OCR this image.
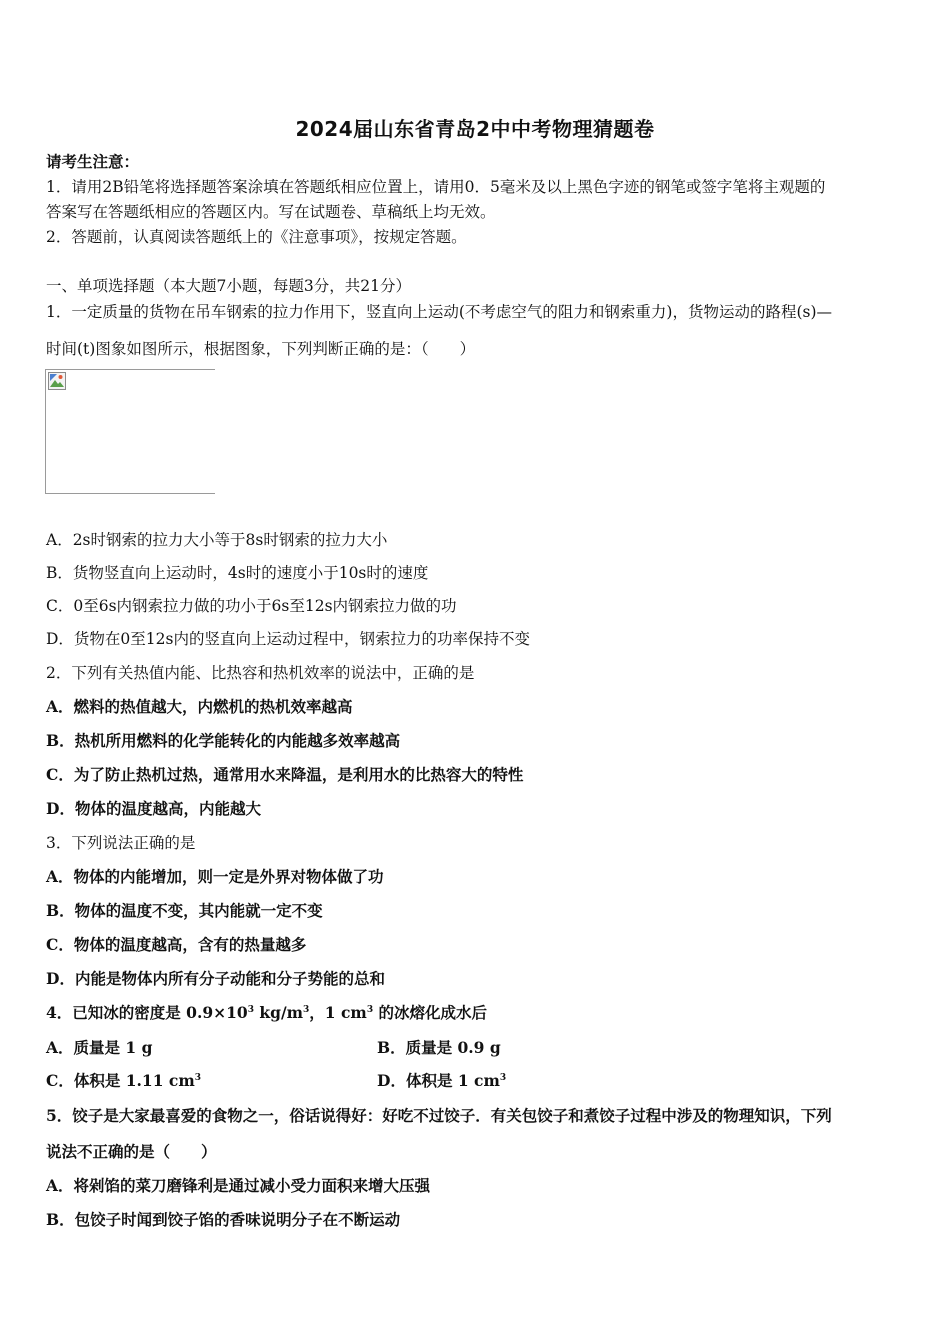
2024届山东省青岛2中中考物理猜题卷
请考生注意：
1．请用2B铅笔将选择题答案涂填在答题纸相应位置上，请用0．5毫米及以上黑色字迹的钢笔或签字笔将主观题的
答案写在答题纸相应的答题区内。写在试题卷、草稿纸上均无效。
2．答题前，认真阅读答题纸上的《注意事项》，按规定答题。
一、单项选择题（本大题7小题，每题3分，共21分）
1．一定质量的货物在吊车钢索的拉力作用下，竖直向上运动(不考虑空气的阻力和钢索重力)，货物运动的路程(s)—
时间(t)图象如图所示，根据图象，下列判断正确的是：（　　）
A．2s时钢索的拉力大小等于8s时钢索的拉力大小
B．货物竖直向上运动时，4s时的速度小于10s时的速度
C．0至6s内钢索拉力做的功小于6s至12s内钢索拉力做的功
D．货物在0至12s内的竖直向上运动过程中，钢索拉力的功率保持不变
2．下列有关热值内能、比热容和热机效率的说法中，正确的是
A．燃料的热值越大，内燃机的热机效率越高
B．热机所用燃料的化学能转化的内能越多效率越高
C．为了防止热机过热，通常用水来降温，是利用水的比热容大的特性
D．物体的温度越高，内能越大
3．下列说法正确的是
A．物体的内能增加，则一定是外界对物体做了功
B．物体的温度不变，其内能就一定不变
C．物体的温度越高，含有的热量越多
D．内能是物体内所有分子动能和分子势能的总和
4．已知冰的密度是 $0.9\times 10^3$ $kg/m^3$，1 $cm^3$ 的冰熔化成水后
A．质量是 1 g	B．质量是 0.9 g
C．体积是 1.11 $cm^3$	D．体积是 1 $cm^3$
5．饺子是大家最喜爱的食物之一，俗话说得好：好吃不过饺子．有关包饺子和煮饺子过程中涉及的物理知识，下列
说法不正确的是（　　）
A．将剁馅的菜刀磨锋利是通过减小受力面积来增大压强
B．包饺子时闻到饺子馅的香味说明分子在不断运动
